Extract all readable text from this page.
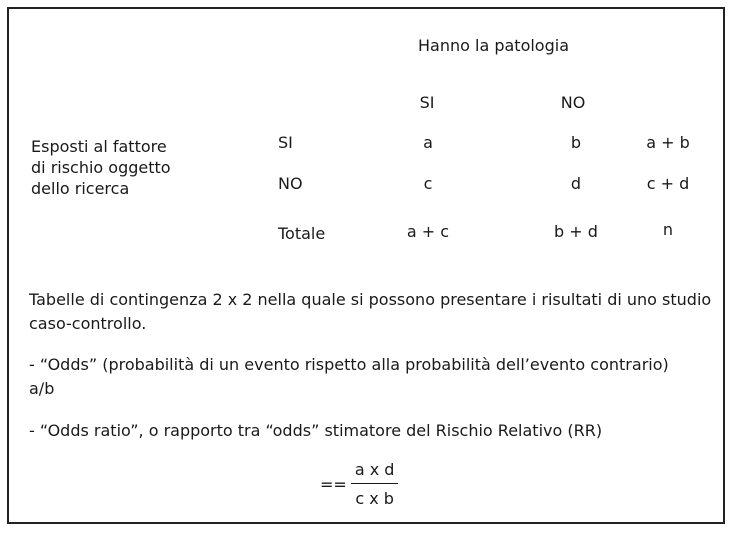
Hanno la patologia
SI	NO
Esposti al fattore
di rischio oggetto
dello ricerca
SI	a	b	a + b
NO	c	d	c + d
Totale	a + c	b + d	n
Tabelle di contingenza 2 x 2 nella quale si possono presentare i risultati di uno studio caso-controllo.
- “Odds” (probabilità di un evento rispetto alla probabilità dell’evento contrario)
a/b
- “Odds ratio”, o rapporto tra “odds” stimatore del Rischio Relativo (RR)
== $\frac{\text{a x d}}{\text{c x b}}$
